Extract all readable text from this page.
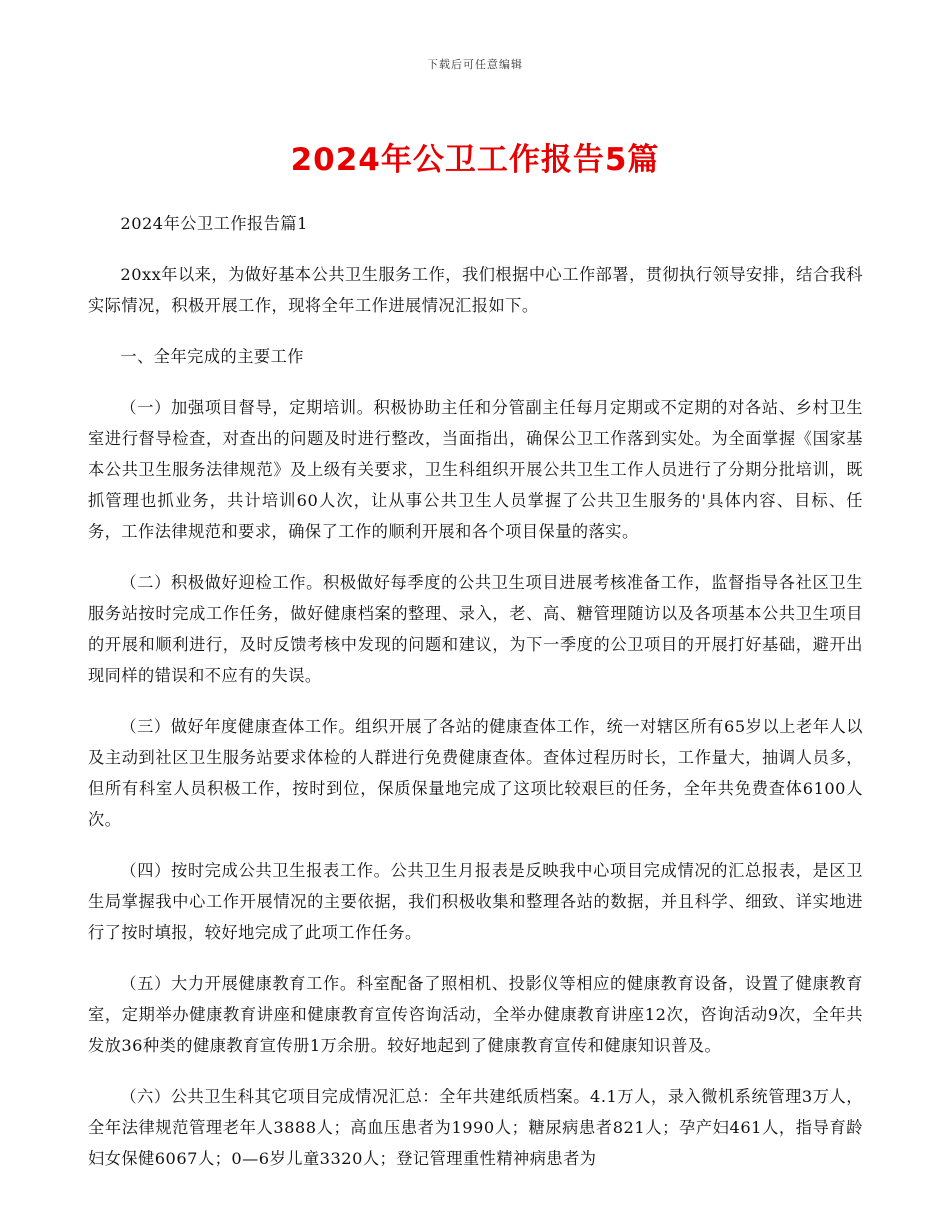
下载后可任意编辑
2024年公卫工作报告5篇

2024年公卫工作报告篇1

20xx年以来，为做好基本公共卫生服务工作，我们根据中心工作部署，贯彻执行领导安排，结合我科实际情况，积极开展工作，现将全年工作进展情况汇报如下。

一、全年完成的主要工作

（一）加强项目督导，定期培训。积极协助主任和分管副主任每月定期或不定期的对各站、乡村卫生室进行督导检查，对查出的问题及时进行整改，当面指出，确保公卫工作落到实处。为全面掌握《国家基本公共卫生服务法律规范》及上级有关要求，卫生科组织开展公共卫生工作人员进行了分期分批培训，既抓管理也抓业务，共计培训60人次，让从事公共卫生人员掌握了公共卫生服务的'具体内容、目标、任务，工作法律规范和要求，确保了工作的顺利开展和各个项目保量的落实。

（二）积极做好迎检工作。积极做好每季度的公共卫生项目进展考核准备工作，监督指导各社区卫生服务站按时完成工作任务，做好健康档案的整理、录入，老、高、糖管理随访以及各项基本公共卫生项目的开展和顺利进行，及时反馈考核中发现的问题和建议，为下一季度的公卫项目的开展打好基础，避开出现同样的错误和不应有的失误。

（三）做好年度健康查体工作。组织开展了各站的健康查体工作，统一对辖区所有65岁以上老年人以及主动到社区卫生服务站要求体检的人群进行免费健康查体。查体过程历时长，工作量大，抽调人员多，但所有科室人员积极工作，按时到位，保质保量地完成了这项比较艰巨的任务，全年共免费查体6100人次。

（四）按时完成公共卫生报表工作。公共卫生月报表是反映我中心项目完成情况的汇总报表，是区卫生局掌握我中心工作开展情况的主要依据，我们积极收集和整理各站的数据，并且科学、细致、详实地进行了按时填报，较好地完成了此项工作任务。

（五）大力开展健康教育工作。科室配备了照相机、投影仪等相应的健康教育设备，设置了健康教育室，定期举办健康教育讲座和健康教育宣传咨询活动，全举办健康教育讲座12次，咨询活动9次，全年共发放36种类的健康教育宣传册1万余册。较好地起到了健康教育宣传和健康知识普及。

（六）公共卫生科其它项目完成情况汇总：全年共建纸质档案。4.1万人，录入微机系统管理3万人，全年法律规范管理老年人3888人；高血压患者为1990人；糖尿病患者821人；孕产妇461人，指导育龄妇女保健6067人；0—6岁儿童3320人；登记管理重性精神病患者为
